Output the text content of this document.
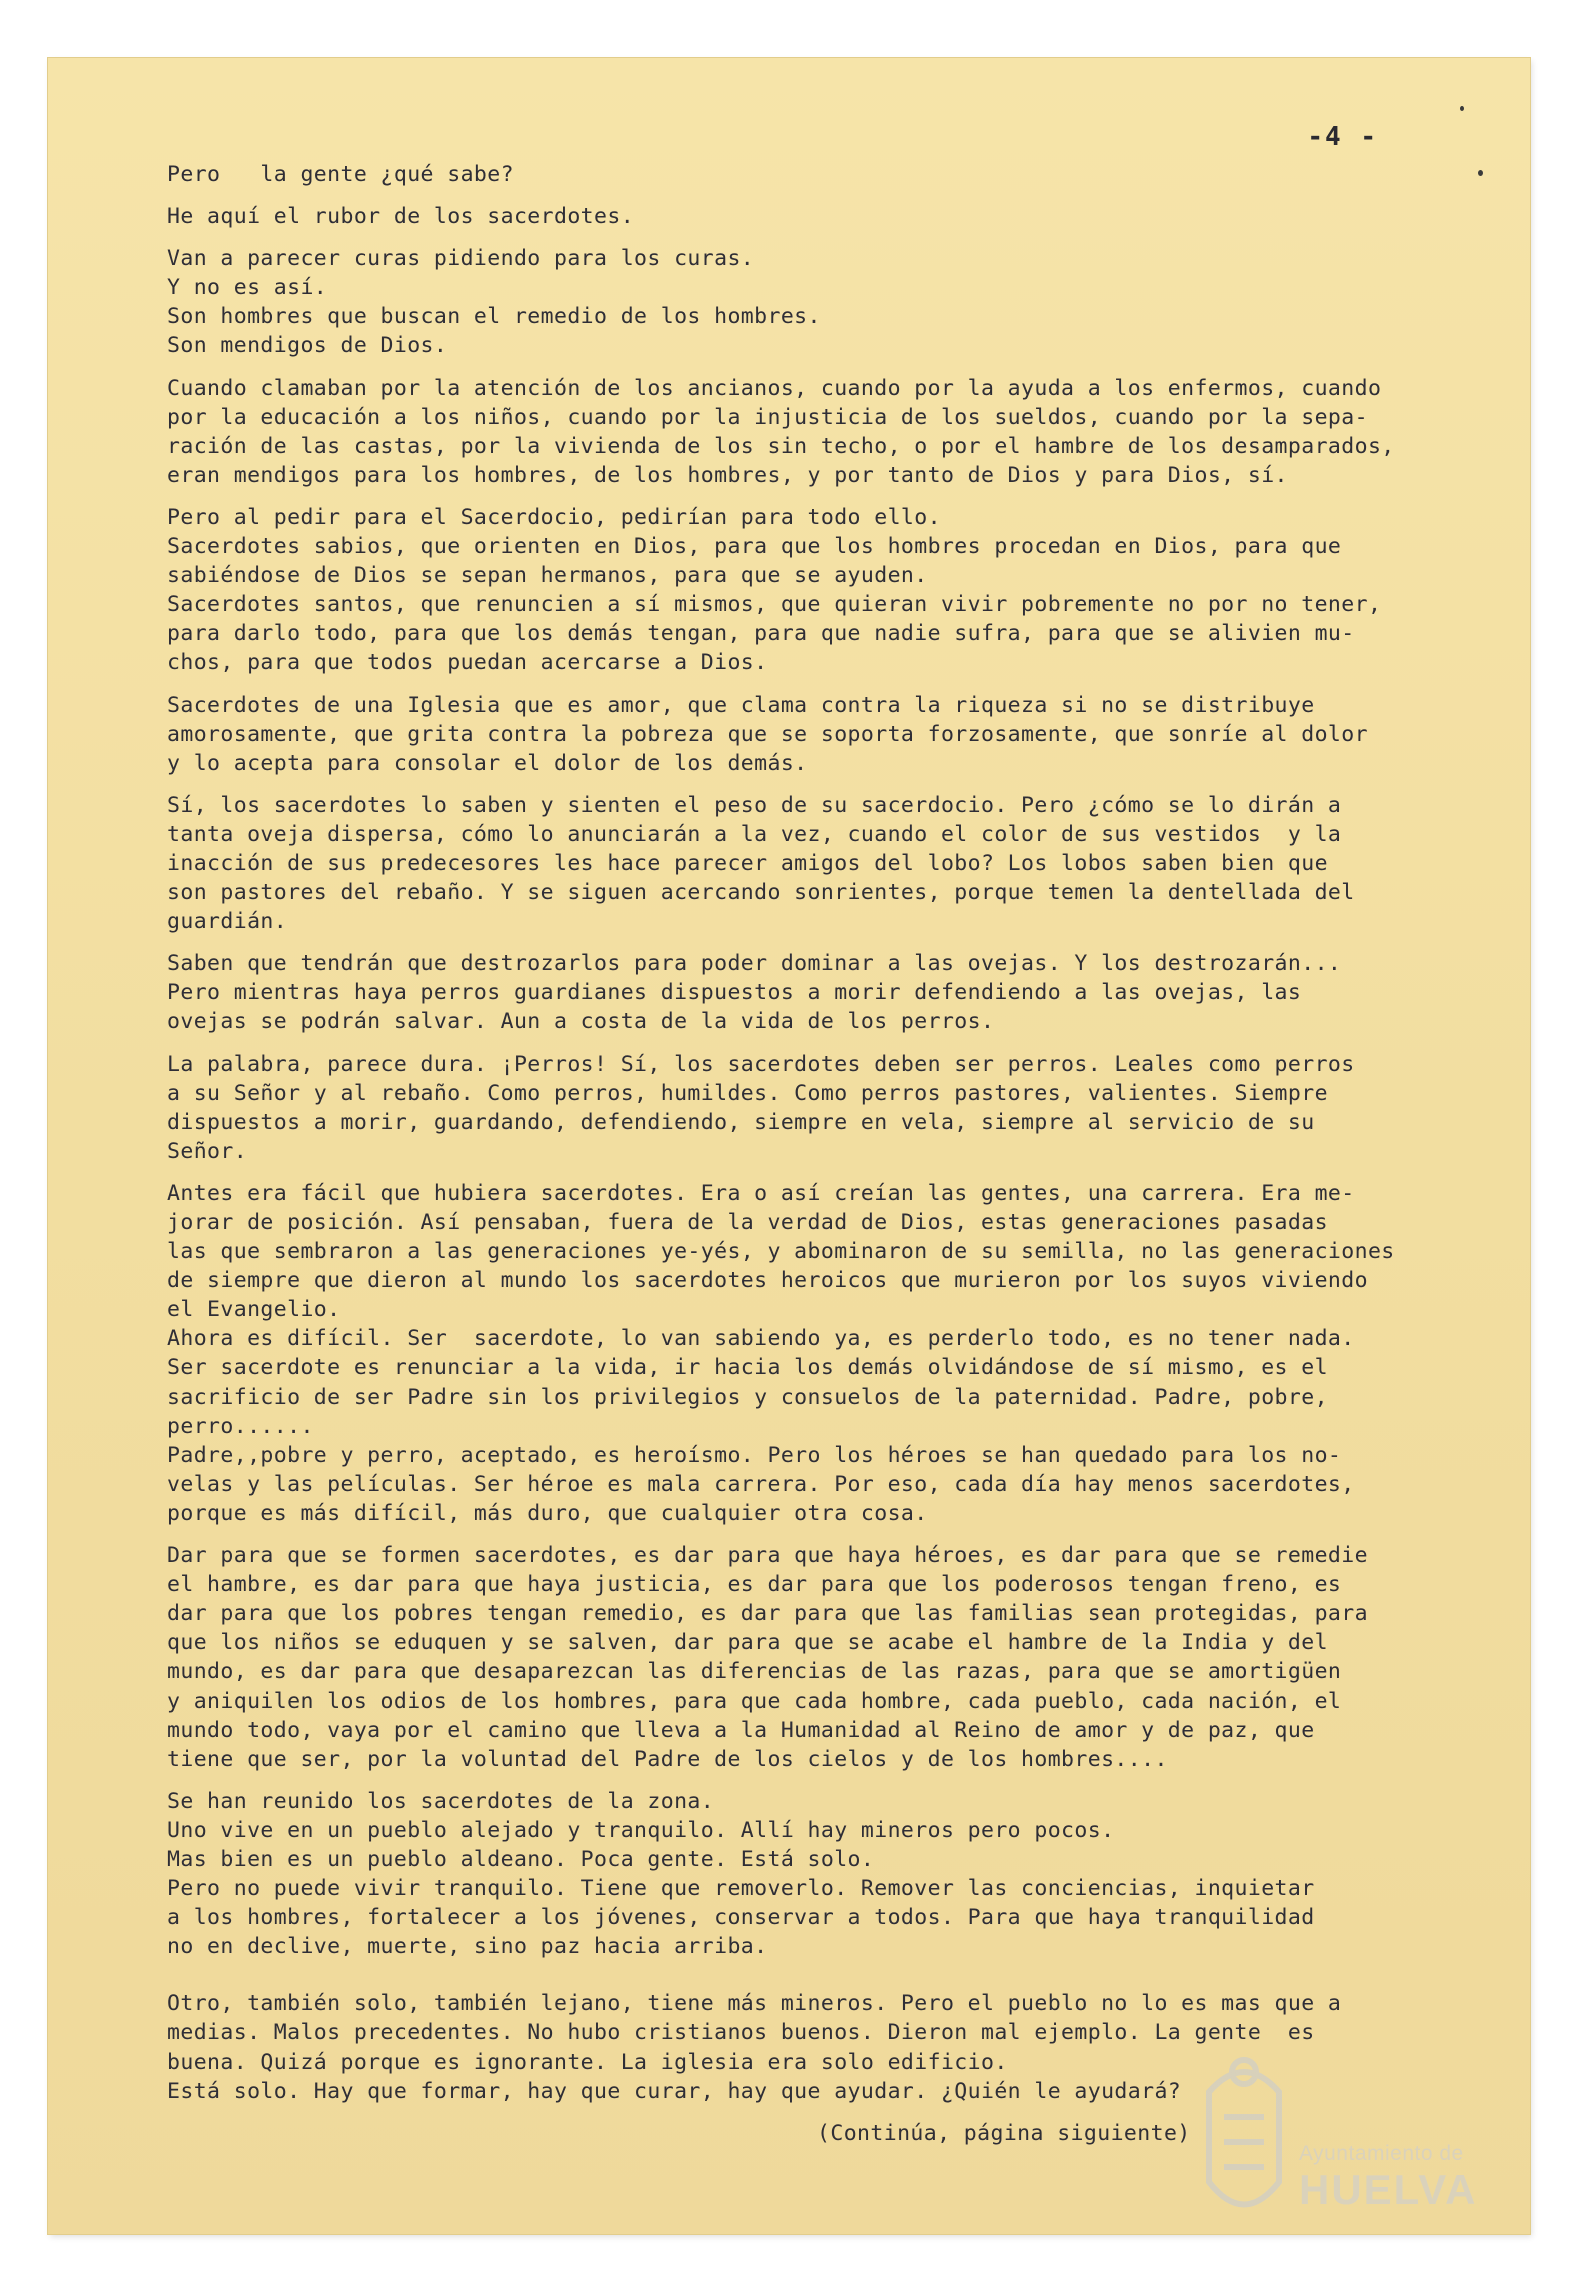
-4 -

Pero   la gente ¿qué sabe?

He aquí el rubor de los sacerdotes.

Van a parecer curas pidiendo para los curas.
Y no es así.
Son hombres que buscan el remedio de los hombres.
Son mendigos de Dios.

Cuando clamaban por la atención de los ancianos, cuando por la ayuda a los enfermos, cuando
por la educación a los niños, cuando por la injusticia de los sueldos, cuando por la sepa-
ración de las castas, por la vivienda de los sin techo, o por el hambre de los desamparados,
eran mendigos para los hombres, de los hombres, y por tanto de Dios y para Dios, sí.

Pero al pedir para el Sacerdocio, pedirían para todo ello.
Sacerdotes sabios, que orienten en Dios, para que los hombres procedan en Dios, para que
sabiéndose de Dios se sepan hermanos, para que se ayuden.
Sacerdotes santos, que renuncien a sí mismos, que quieran vivir pobremente no por no tener,
para darlo todo, para que los demás tengan, para que nadie sufra, para que se alivien mu-
chos, para que todos puedan acercarse a Dios.

Sacerdotes de una Iglesia que es amor, que clama contra la riqueza si no se distribuye
amorosamente, que grita contra la pobreza que se soporta forzosamente, que sonríe al dolor
y lo acepta para consolar el dolor de los demás.

Sí, los sacerdotes lo saben y sienten el peso de su sacerdocio. Pero ¿cómo se lo dirán a
tanta oveja dispersa, cómo lo anunciarán a la vez, cuando el color de sus vestidos  y la
inacción de sus predecesores les hace parecer amigos del lobo? Los lobos saben bien que
son pastores del rebaño. Y se siguen acercando sonrientes, porque temen la dentellada del
guardián.

Saben que tendrán que destrozarlos para poder dominar a las ovejas. Y los destrozarán...
Pero mientras haya perros guardianes dispuestos a morir defendiendo a las ovejas, las
ovejas se podrán salvar. Aun a costa de la vida de los perros.

La palabra, parece dura. ¡Perros! Sí, los sacerdotes deben ser perros. Leales como perros
a su Señor y al rebaño. Como perros, humildes. Como perros pastores, valientes. Siempre
dispuestos a morir, guardando, defendiendo, siempre en vela, siempre al servicio de su
Señor.

Antes era fácil que hubiera sacerdotes. Era o así creían las gentes, una carrera. Era me-
jorar de posición. Así pensaban, fuera de la verdad de Dios, estas generaciones pasadas
las que sembraron a las generaciones ye-yés, y abominaron de su semilla, no las generaciones
de siempre que dieron al mundo los sacerdotes heroicos que murieron por los suyos viviendo
el Evangelio.
Ahora es difícil. Ser  sacerdote, lo van sabiendo ya, es perderlo todo, es no tener nada.
Ser sacerdote es renunciar a la vida, ir hacia los demás olvidándose de sí mismo, es el
sacrificio de ser Padre sin los privilegios y consuelos de la paternidad. Padre, pobre,
perro......
Padre,,pobre y perro, aceptado, es heroísmo. Pero los héroes se han quedado para los no-
velas y las películas. Ser héroe es mala carrera. Por eso, cada día hay menos sacerdotes,
porque es más difícil, más duro, que cualquier otra cosa.

Dar para que se formen sacerdotes, es dar para que haya héroes, es dar para que se remedie
el hambre, es dar para que haya justicia, es dar para que los poderosos tengan freno, es
dar para que los pobres tengan remedio, es dar para que las familias sean protegidas, para
que los niños se eduquen y se salven, dar para que se acabe el hambre de la India y del
mundo, es dar para que desaparezcan las diferencias de las razas, para que se amortigüen
y aniquilen los odios de los hombres, para que cada hombre, cada pueblo, cada nación, el
mundo todo, vaya por el camino que lleva a la Humanidad al Reino de amor y de paz, que
tiene que ser, por la voluntad del Padre de los cielos y de los hombres....

Se han reunido los sacerdotes de la zona.
Uno vive en un pueblo alejado y tranquilo. Allí hay mineros pero pocos.
Mas bien es un pueblo aldeano. Poca gente. Está solo.
Pero no puede vivir tranquilo. Tiene que removerlo. Remover las conciencias, inquietar
a los hombres, fortalecer a los jóvenes, conservar a todos. Para que haya tranquilidad
no en declive, muerte, sino paz hacia arriba.

Otro, también solo, también lejano, tiene más mineros. Pero el pueblo no lo es mas que a
medias. Malos precedentes. No hubo cristianos buenos. Dieron mal ejemplo. La gente  es
buena. Quizá porque es ignorante. La iglesia era solo edificio.
Está solo. Hay que formar, hay que curar, hay que ayudar. ¿Quién le ayudará?

(Continúa, página siguiente)
Ayuntamiento de
HUELVA
